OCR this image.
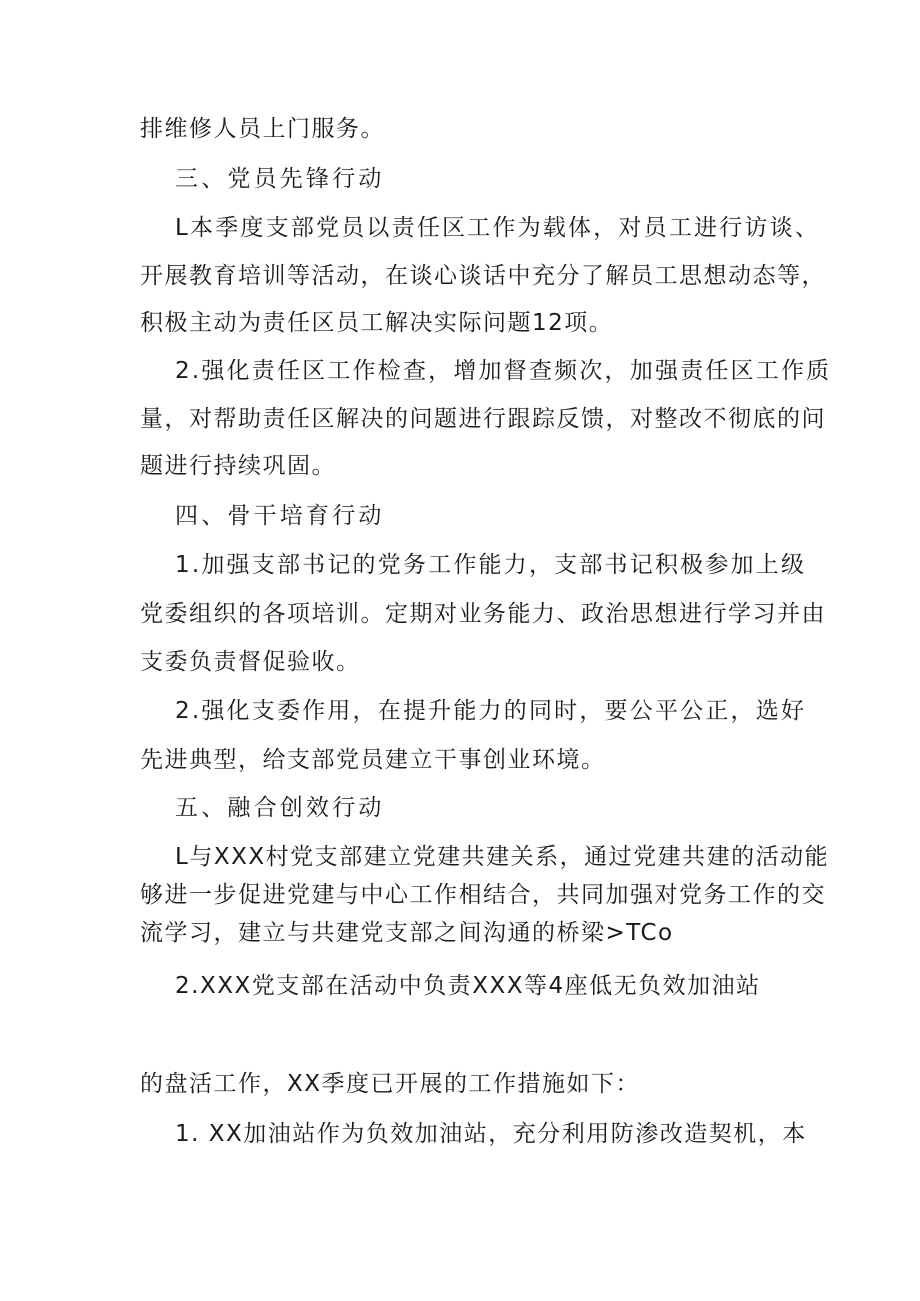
排维修人员上门服务。
三、党员先锋行动
L本季度支部党员以责任区工作为载体，对员工进行访谈、
开展教育培训等活动，在谈心谈话中充分了解员工思想动态等，
积极主动为责任区员工解决实际问题12项。
2.强化责任区工作检查，增加督查频次，加强责任区工作质
量，对帮助责任区解决的问题进行跟踪反馈，对整改不彻底的问
题进行持续巩固。
四、骨干培育行动
1.加强支部书记的党务工作能力，支部书记积极参加上级
党委组织的各项培训。定期对业务能力、政治思想进行学习并由
支委负责督促验收。
2.强化支委作用，在提升能力的同时，要公平公正，选好
先进典型，给支部党员建立干事创业环境。
五、融合创效行动
L与XXX村党支部建立党建共建关系，通过党建共建的活动能
够进一步促进党建与中心工作相结合，共同加强对党务工作的交
流学习，建立与共建党支部之间沟通的桥梁>TCo
2.XXX党支部在活动中负责XXX等4座低无负效加油站
的盘活工作，XX季度已开展的工作措施如下：
1. XX加油站作为负效加油站，充分利用防渗改造契机，本
